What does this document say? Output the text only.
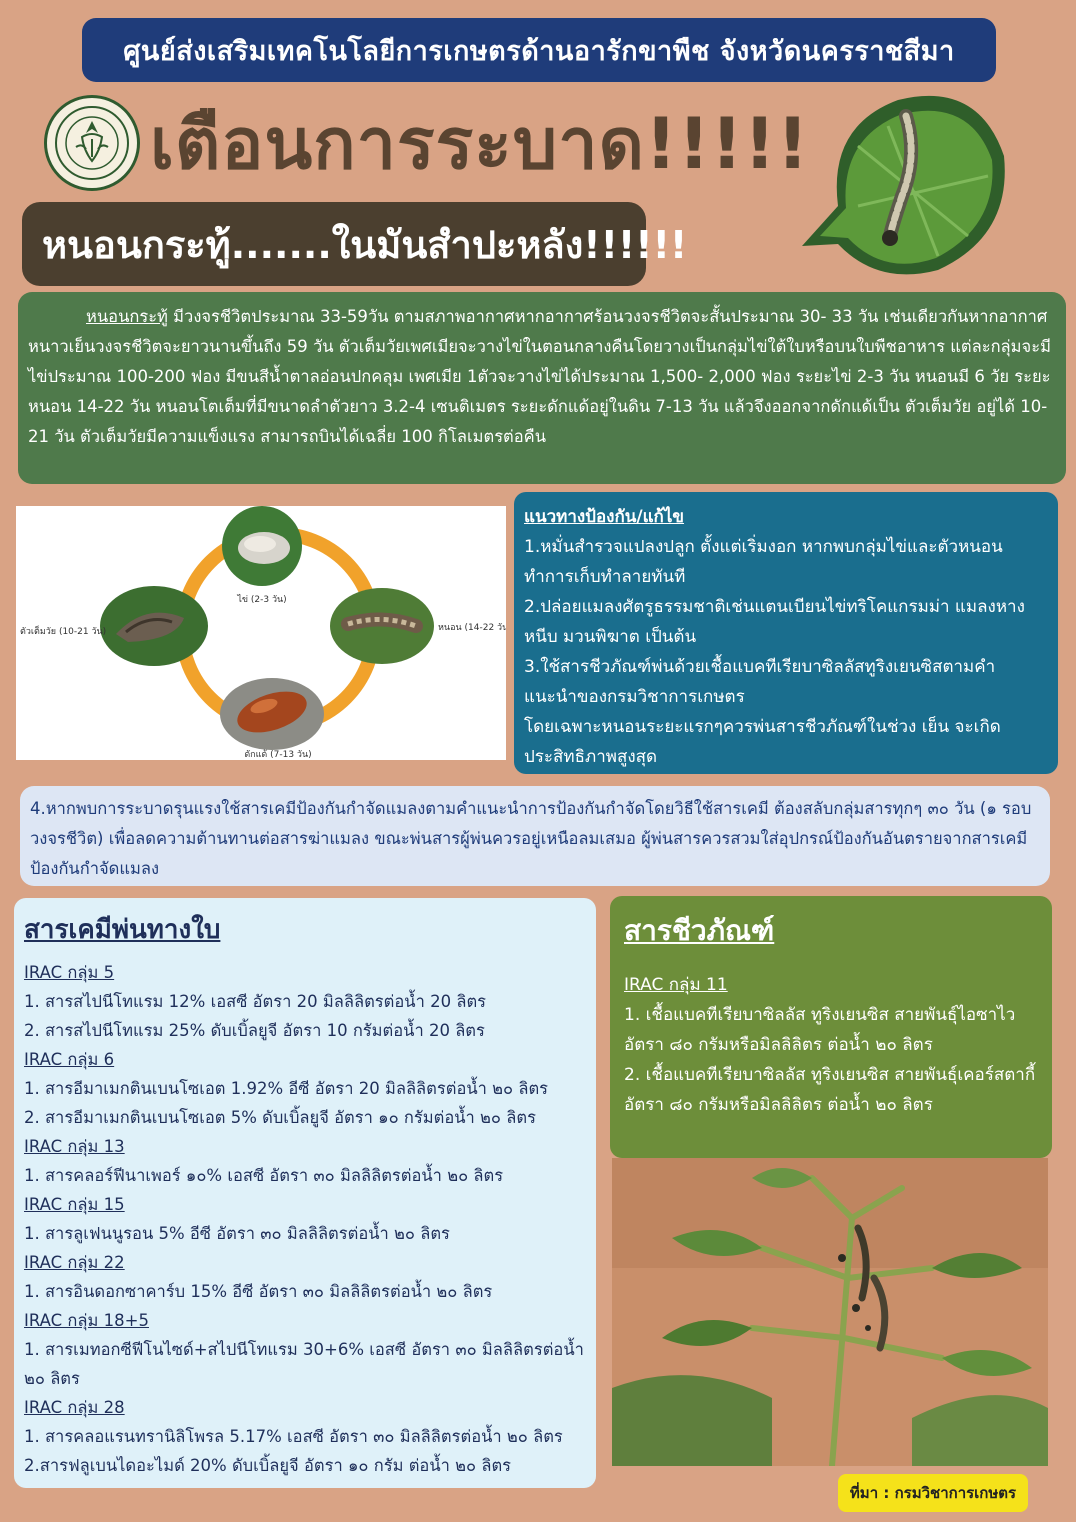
ศูนย์ส่งเสริมเทคโนโลยีการเกษตรด้านอารักขาพืช จังหวัดนครราชสีมา
เตือนการระบาด!!!!!
หนอนกระทู้.......ในมันสำปะหลัง!!!!!!
หนอนกระทู้ มีวงจรชีวิตประมาณ 33-59วัน ตามสภาพอากาศหากอากาศร้อนวงจรชีวิตจะสั้นประมาณ 30- 33 วัน เช่นเดียวกันหากอากาศหนาวเย็นวงจรชีวิตจะยาวนานขึ้นถึง 59 วัน ตัวเต็มวัยเพศเมียจะวางไข่ในตอนกลางคืนโดยวางเป็นกลุ่มไข่ใต้ใบหรือบนใบพืชอาหาร แต่ละกลุ่มจะมีไข่ประมาณ 100-200 ฟอง มีขนสีน้ำตาลอ่อนปกคลุม เพศเมีย 1ตัวจะวางไข่ได้ประมาณ 1,500- 2,000 ฟอง ระยะไข่ 2-3 วัน หนอนมี 6 วัย ระยะหนอน 14-22 วัน หนอนโตเต็มที่มีขนาดลำตัวยาว 3.2-4 เซนติเมตร ระยะดักแด้อยู่ในดิน 7-13 วัน แล้วจึงออกจากดักแด้เป็น ตัวเต็มวัย อยู่ได้ 10-21 วัน ตัวเต็มวัยมีความแข็งแรง สามารถบินได้เฉลี่ย 100 กิโลเมตรต่อคืน
ไข่ (2-3 วัน)
หนอน (14-22 วัน)
ดักแด้ (7-13 วัน)
ตัวเต็มวัย (10-21 วัน)
แนวทางป้องกัน/แก้ไข
1.หมั่นสำรวจแปลงปลูก ตั้งแต่เริ่มงอก หากพบกลุ่มไข่และตัวหนอนทำการเก็บทำลายทันที
2.ปล่อยแมลงศัตรูธรรมชาติเช่นแตนเบียนไข่ทริโคแกรมม่า แมลงหางหนีบ มวนพิฆาต เป็นต้น
3.ใช้สารชีวภัณฑ์พ่นด้วยเชื้อแบคทีเรียบาซิลลัสทูริงเยนซิสตามคำแนะนำของกรมวิชาการเกษตร
โดยเฉพาะหนอนระยะแรกๆควรพ่นสารชีวภัณฑ์ในช่วง เย็น จะเกิดประสิทธิภาพสูงสุด
4.หากพบการระบาดรุนแรงใช้สารเคมีป้องกันกำจัดแมลงตามคำแนะนำการป้องกันกำจัดโดยวิธีใช้สารเคมี ต้องสลับกลุ่มสารทุกๆ ๓๐ วัน (๑ รอบวงจรชีวิต) เพื่อลดความต้านทานต่อสารฆ่าแมลง ขณะพ่นสารผู้พ่นควรอยู่เหนือลมเสมอ ผู้พ่นสารควรสวมใส่อุปกรณ์ป้องกันอันตรายจากสารเคมีป้องกันกำจัดแมลง
สารเคมีพ่นทางใบ
IRAC กลุ่ม 5
1. สารสไปนีโทแรม 12% เอสซี อัตรา 20 มิลลิลิตรต่อน้ำ 20 ลิตร
2. สารสไปนีโทแรม 25% ดับเบิ้ลยูจี อัตรา 10 กรัมต่อน้ำ 20 ลิตร
IRAC กลุ่ม 6
1. สารอีมาเมกตินเบนโซเอต 1.92% อีซี อัตรา 20 มิลลิลิตรต่อน้ำ ๒๐ ลิตร
2. สารอีมาเมกตินเบนโซเอต 5% ดับเบิ้ลยูจี อัตรา ๑๐ กรัมต่อน้ำ ๒๐ ลิตร
IRAC กลุ่ม 13
1. สารคลอร์ฟีนาเพอร์ ๑๐% เอสซี อัตรา ๓๐ มิลลิลิตรต่อน้ำ ๒๐ ลิตร
IRAC กลุ่ม 15
1. สารลูเฟนนูรอน 5% อีซี อัตรา ๓๐ มิลลิลิตรต่อน้ำ ๒๐ ลิตร
IRAC กลุ่ม 22
1. สารอินดอกซาคาร์บ 15% อีซี อัตรา ๓๐ มิลลิลิตรต่อน้ำ ๒๐ ลิตร
IRAC กลุ่ม 18+5
1. สารเมทอกซีฟีโนไซด์+สไปนีโทแรม 30+6% เอสซี อัตรา ๓๐ มิลลิลิตรต่อน้ำ ๒๐ ลิตร
IRAC กลุ่ม 28
1. สารคลอแรนทรานิลิโพรล 5.17% เอสซี อัตรา ๓๐ มิลลิลิตรต่อน้ำ ๒๐ ลิตร
2.สารฟลูเบนไดอะไมด์ 20% ดับเบิ้ลยูจี อัตรา ๑๐ กรัม ต่อน้ำ ๒๐ ลิตร
สารชีวภัณฑ์
IRAC กลุ่ม 11
1. เชื้อแบคทีเรียบาซิลลัส ทูริงเยนซิส สายพันธุ์ไอซาไว อัตรา ๘๐ กรัมหรือมิลลิลิตร ต่อน้ำ ๒๐ ลิตร
2. เชื้อแบคทีเรียบาซิลลัส ทูริงเยนซิส สายพันธุ์เคอร์สตากี้ อัตรา ๘๐ กรัมหรือมิลลิลิตร ต่อน้ำ ๒๐ ลิตร
ที่มา : กรมวิชาการเกษตร
